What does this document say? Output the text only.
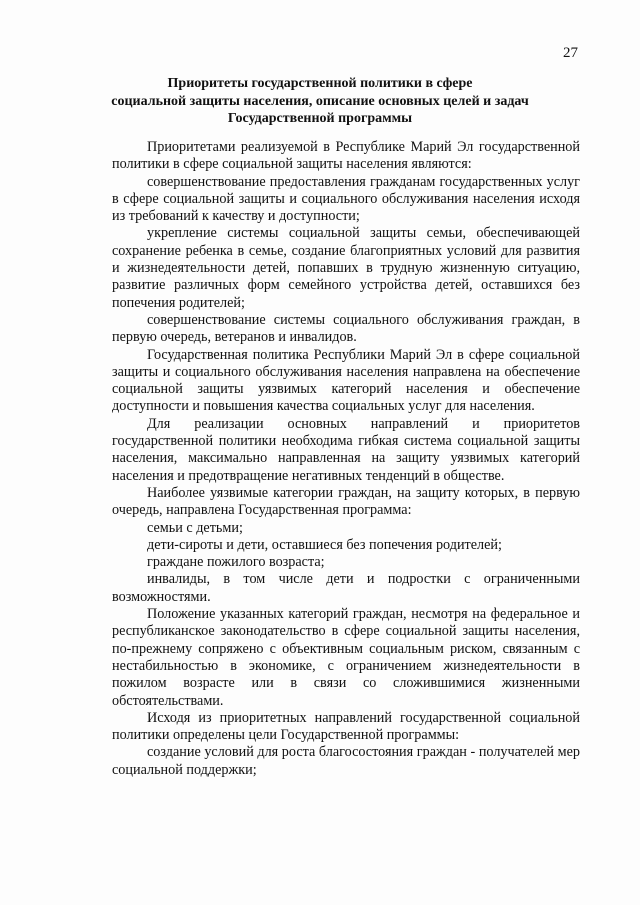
27
Приоритеты государственной политики в сфере
социальной защиты населения, описание основных целей и задач
Государственной программы

Приоритетами реализуемой в Республике Марий Эл государственной политики в сфере социальной защиты населения являются:

совершенствование предоставления гражданам государственных услуг в сфере социальной защиты и социального обслуживания населения исходя из требований к качеству и доступности;

укрепление системы социальной защиты семьи, обеспечивающей сохранение ребенка в семье, создание благоприятных условий для развития и жизнедеятельности детей, попавших в трудную жизненную ситуацию, развитие различных форм семейного устройства детей, оставшихся без попечения родителей;

совершенствование системы социального обслуживания граждан, в первую очередь, ветеранов и инвалидов.

Государственная политика Республики Марий Эл в сфере социальной защиты и социального обслуживания населения направлена на обеспечение социальной защиты уязвимых категорий населения и обеспечение доступности и повышения качества социальных услуг для населения.

Для реализации основных направлений и приоритетов государственной политики необходима гибкая система социальной защиты населения, максимально направленная на защиту уязвимых категорий населения и предотвращение негативных тенденций в обществе.

Наиболее уязвимые категории граждан, на защиту которых, в первую очередь, направлена Государственная программа:

семьи с детьми;

дети-сироты и дети, оставшиеся без попечения родителей;

граждане пожилого возраста;

инвалиды, в том числе дети и подростки с ограниченными возможностями.

Положение указанных категорий граждан, несмотря на федеральное и республиканское законодательство в сфере социальной защиты населения, по-прежнему сопряжено с объективным социальным риском, связанным с нестабильностью в экономике, с ограничением жизнедеятельности в пожилом возрасте или в связи со сложившимися жизненными обстоятельствами.

Исходя из приоритетных направлений государственной социальной политики определены цели Государственной программы:

создание условий для роста благосостояния граждан - получателей мер социальной поддержки;
